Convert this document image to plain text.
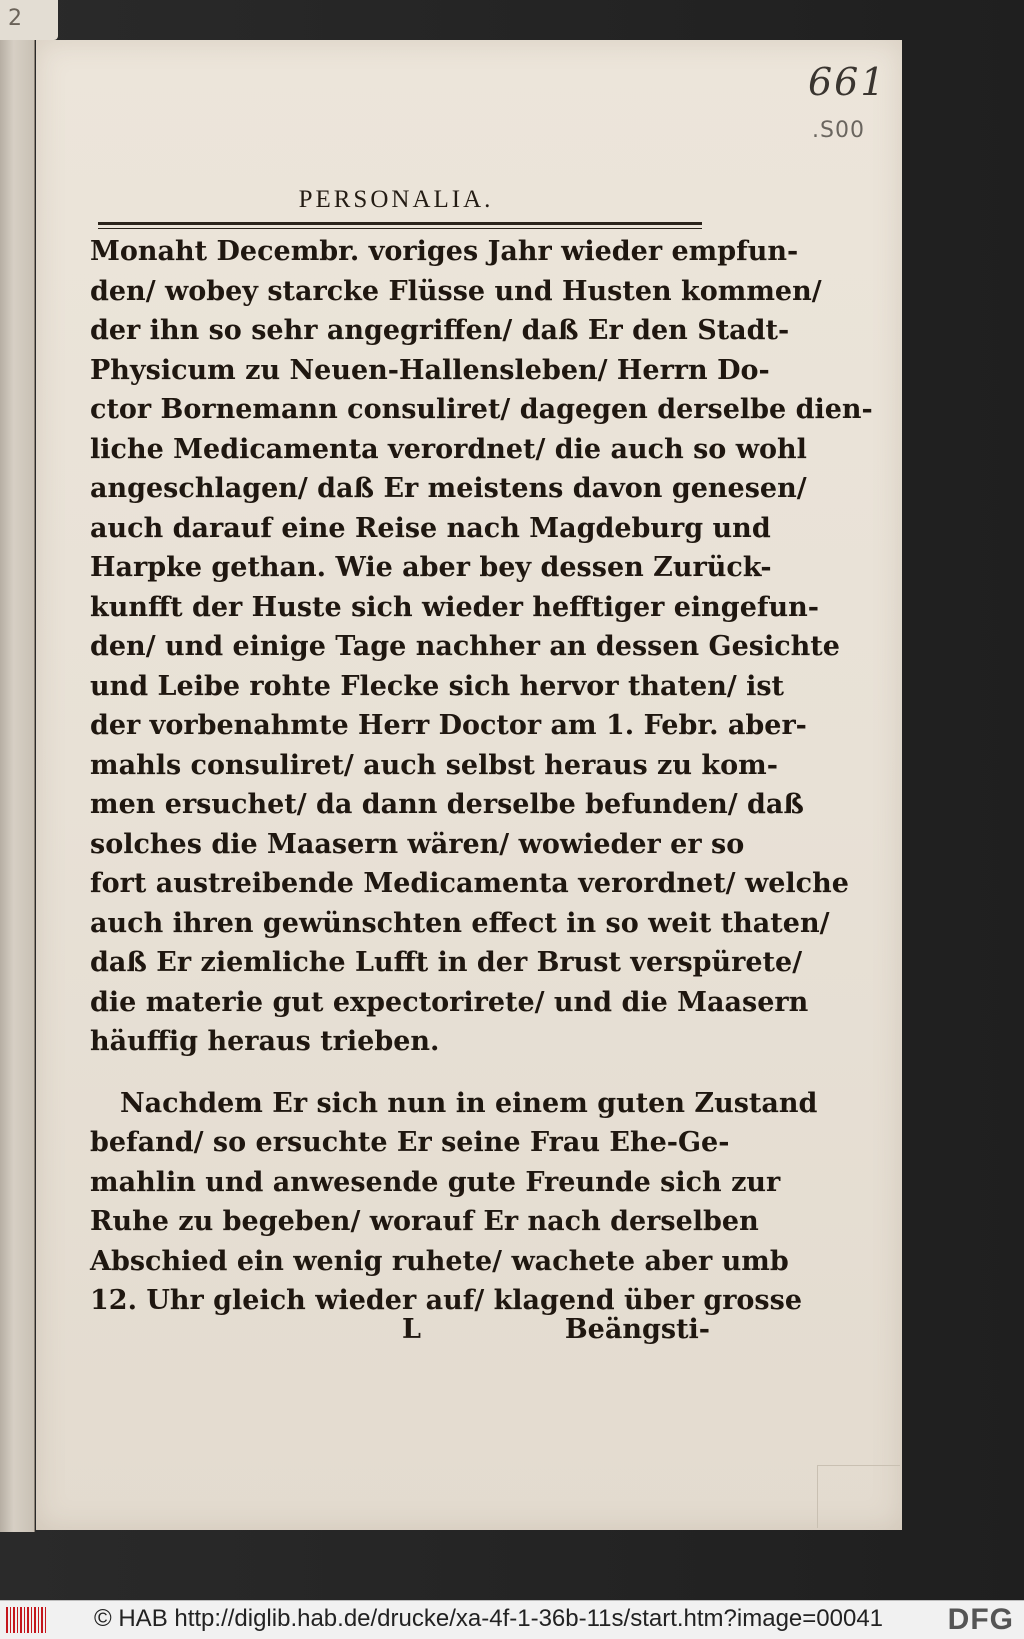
2
661
.S00
PERSONALIA.
Monaht Decembr. voriges Jahr wieder empfun-
den/ wobey starcke Flüsse und Husten kommen/
der ihn so sehr angegriffen/ daß Er den Stadt-
Physicum zu Neuen-Hallensleben/ Herrn Do-
ctor Bornemann consuliret/ dagegen derselbe dien-
liche Medicamenta verordnet/ die auch so wohl
angeschlagen/ daß Er meistens davon genesen/
auch darauf eine Reise nach Magdeburg und
Harpke gethan. Wie aber bey dessen Zurück-
kunfft der Huste sich wieder hefftiger eingefun-
den/ und einige Tage nachher an dessen Gesichte
und Leibe rohte Flecke sich hervor thaten/ ist
der vorbenahmte Herr Doctor am 1. Febr. aber-
mahls consuliret/ auch selbst heraus zu kom-
men ersuchet/ da dann derselbe befunden/ daß
solches die Maasern wären/ wowieder er so
fort austreibende Medicamenta verordnet/ welche
auch ihren gewünschten effect in so weit thaten/
daß Er ziemliche Lufft in der Brust verspürete/
die materie gut expectorirete/ und die Maasern
häuffig heraus trieben.
Nachdem Er sich nun in einem guten Zustand
befand/ so ersuchte Er seine Frau Ehe-Ge-
mahlin und anwesende gute Freunde sich zur
Ruhe zu begeben/ worauf Er nach derselben
Abschied ein wenig ruhete/ wachete aber umb
12. Uhr gleich wieder auf/ klagend über grosse
L	Beängsti-
© HAB http://diglib.hab.de/drucke/xa-4f-1-36b-11s/start.htm?image=00041 DFG
